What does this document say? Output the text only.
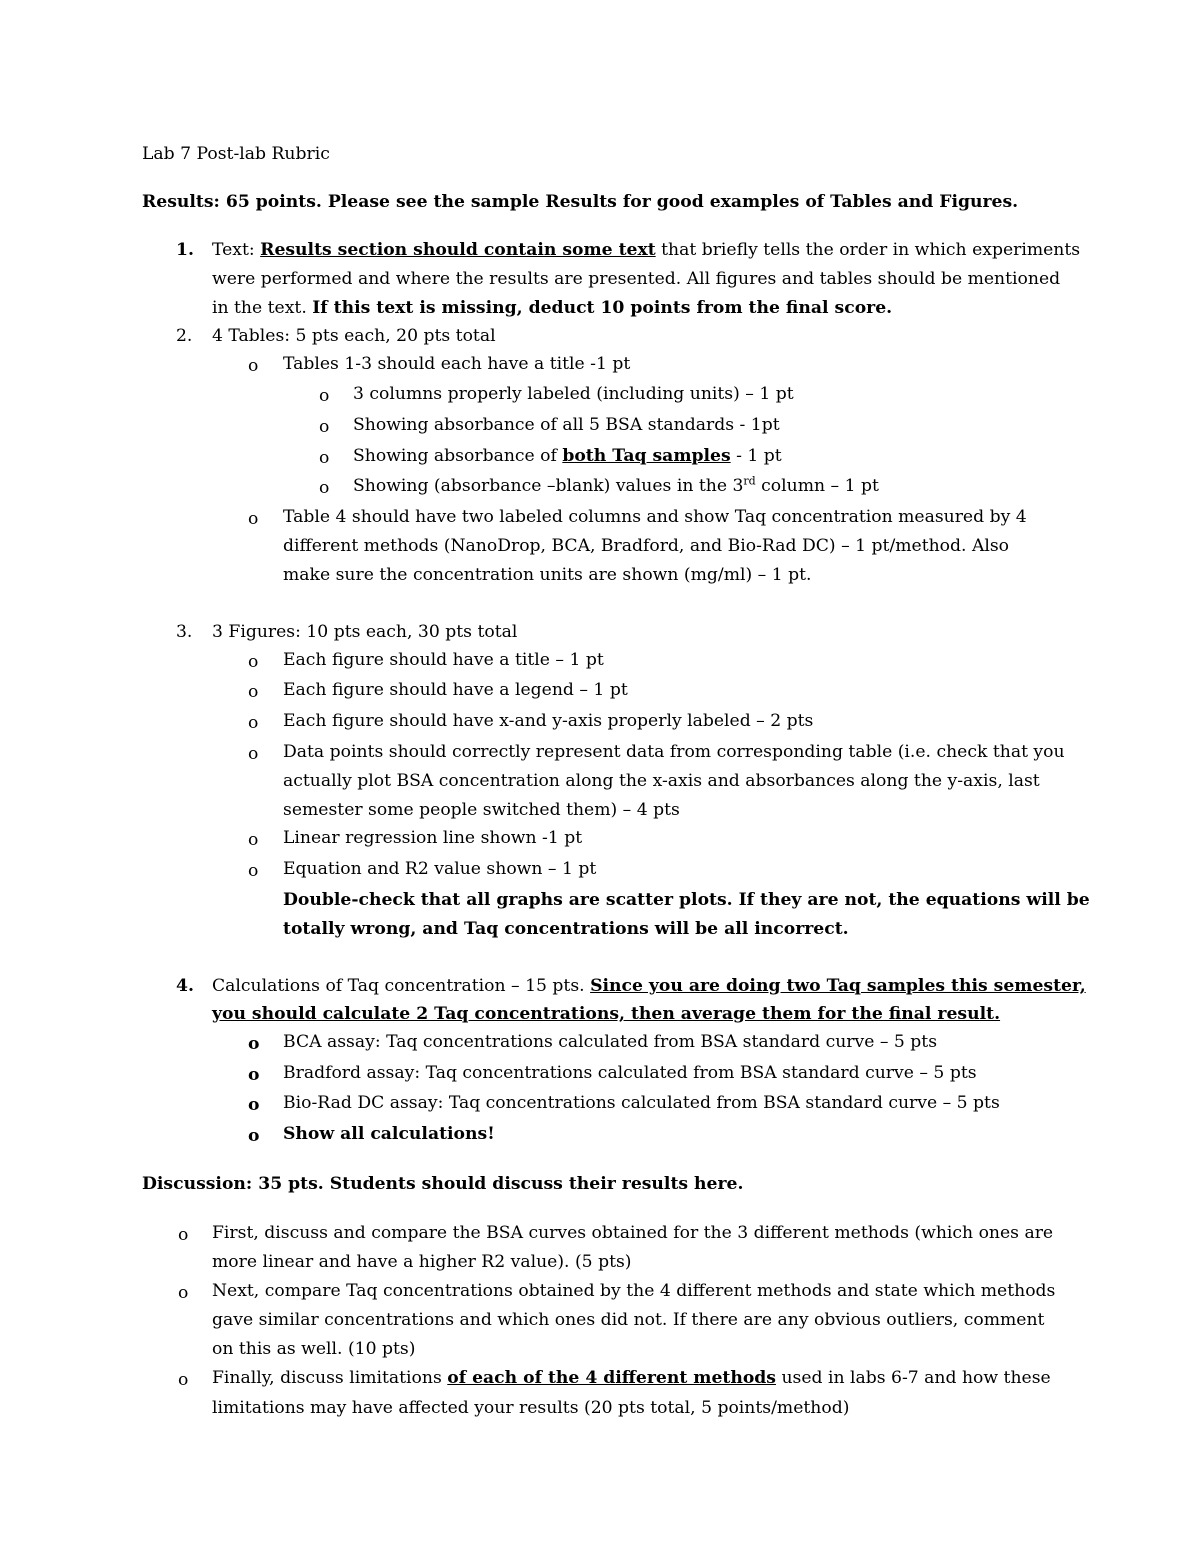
Lab 7 Post-lab Rubric
Results: 65 points. Please see the sample Results for good examples of Tables and Figures.
1. Text: Results section should contain some text that briefly tells the order in which experiments
were performed and where the results are presented. All figures and tables should be mentioned
in the text. If this text is missing, deduct 10 points from the final score.
2. 4 Tables: 5 pts each, 20 pts total
o Tables 1-3 should each have a title -1 pt
o 3 columns properly labeled (including units) – 1 pt
o Showing absorbance of all 5 BSA standards - 1pt
o Showing absorbance of both Taq samples - 1 pt
o Showing (absorbance –blank) values in the 3rd column – 1 pt
o Table 4 should have two labeled columns and show Taq concentration measured by 4
different methods (NanoDrop, BCA, Bradford, and Bio-Rad DC) – 1 pt/method. Also
make sure the concentration units are shown (mg/ml) – 1 pt.
3. 3 Figures: 10 pts each, 30 pts total
o Each figure should have a title – 1 pt
o Each figure should have a legend – 1 pt
o Each figure should have x-and y-axis properly labeled – 2 pts
o Data points should correctly represent data from corresponding table (i.e. check that you
actually plot BSA concentration along the x-axis and absorbances along the y-axis, last
semester some people switched them) – 4 pts
o Linear regression line shown -1 pt
o Equation and R2 value shown – 1 pt
Double-check that all graphs are scatter plots. If they are not, the equations will be
totally wrong, and Taq concentrations will be all incorrect.
4. Calculations of Taq concentration – 15 pts. Since you are doing two Taq samples this semester,
you should calculate 2 Taq concentrations, then average them for the final result.
o BCA assay: Taq concentrations calculated from BSA standard curve – 5 pts
o Bradford assay: Taq concentrations calculated from BSA standard curve – 5 pts
o Bio-Rad DC assay: Taq concentrations calculated from BSA standard curve – 5 pts
o Show all calculations!
Discussion: 35 pts. Students should discuss their results here.
o First, discuss and compare the BSA curves obtained for the 3 different methods (which ones are
more linear and have a higher R2 value). (5 pts)
o Next, compare Taq concentrations obtained by the 4 different methods and state which methods
gave similar concentrations and which ones did not. If there are any obvious outliers, comment
on this as well. (10 pts)
o Finally, discuss limitations of each of the 4 different methods used in labs 6-7 and how these
limitations may have affected your results (20 pts total, 5 points/method)
